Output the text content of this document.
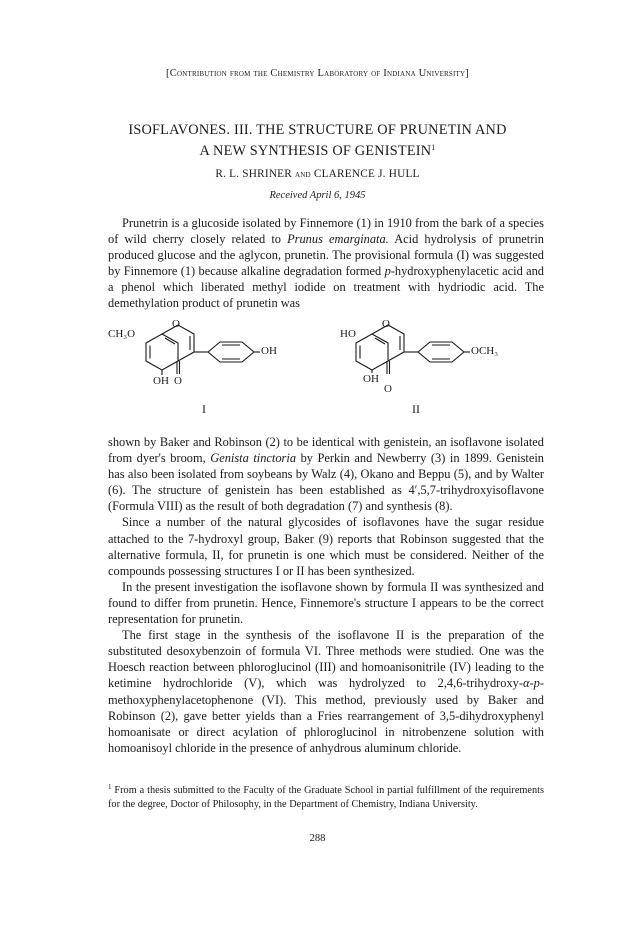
[Contribution from the Chemistry Laboratory of Indiana University]
ISOFLAVONES. III. THE STRUCTURE OF PRUNETIN AND
A NEW SYNTHESIS OF GENISTEIN$^1$
R. L. SHRINER and CLARENCE J. HULL
Received April 6, 1945

Prunetrin is a glucoside isolated by Finnemore (1) in 1910 from the bark of a species of wild cherry closely related to Prunus emarginata. Acid hydrolysis of prunetrin produced glucose and the aglycon, prunetin. The provisional formula (I) was suggested by Finnemore (1) because alkaline degradation formed p-hydroxyphenylacetic acid and a phenol which liberated methyl iodide on treatment with hydriodic acid. The demethylation product of prunetin was

CH₃O
O
OH
OH O
HO
O
OCH₃
OH
O
I	II

shown by Baker and Robinson (2) to be identical with genistein, an isoflavone isolated from dyer's broom, Genista tinctoria by Perkin and Newberry (3) in 1899. Genistein has also been isolated from soybeans by Walz (4), Okano and Beppu (5), and by Walter (6). The structure of genistein has been established as 4′,5,7-trihydroxyisoflavone (Formula VIII) as the result of both degradation (7) and synthesis (8).

Since a number of the natural glycosides of isoflavones have the sugar residue attached to the 7-hydroxyl group, Baker (9) reports that Robinson suggested that the alternative formula, II, for prunetin is one which must be considered. Neither of the compounds possessing structures I or II has been synthesized.

In the present investigation the isoflavone shown by formula II was synthesized and found to differ from prunetin. Hence, Finnemore's structure I appears to be the correct representation for prunetin.

The first stage in the synthesis of the isoflavone II is the preparation of the substituted desoxybenzoin of formula VI. Three methods were studied. One was the Hoesch reaction between phloroglucinol (III) and homoanisonitrile (IV) leading to the ketimine hydrochloride (V), which was hydrolyzed to 2,4,6-trihydroxy-α-p-methoxyphenylacetophenone (VI). This method, previously used by Baker and Robinson (2), gave better yields than a Fries rearrangement of 3,5-dihydroxyphenyl homoanisate or direct acylation of phloroglucinol in nitrobenzene solution with homoanisoyl chloride in the presence of anhydrous aluminum chloride.

$^1$ From a thesis submitted to the Faculty of the Graduate School in partial fulfillment of the requirements for the degree, Doctor of Philosophy, in the Department of Chemistry, Indiana University.
288
